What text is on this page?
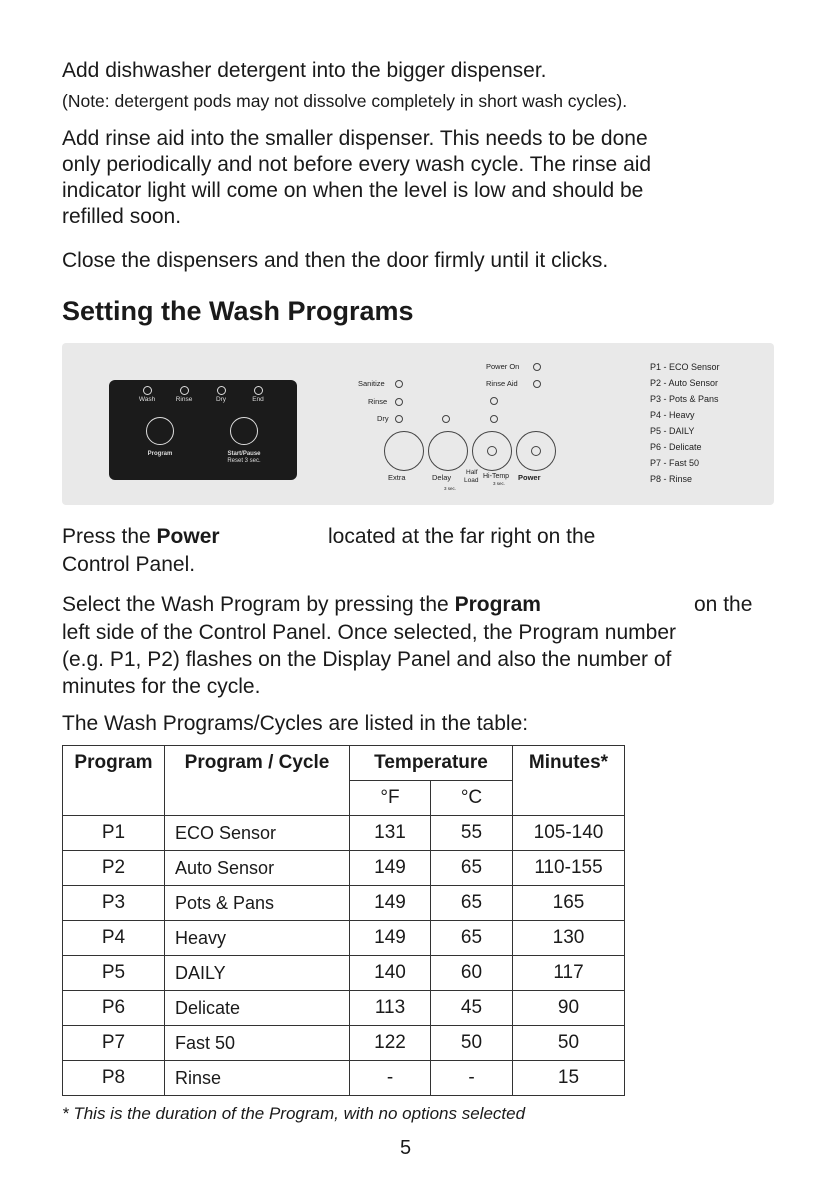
Add dishwasher detergent into the bigger dispenser.

(Note: detergent pods may not dissolve completely in short wash cycles).

Add rinse aid into the smaller dispenser. This needs to be done

only periodically and not before every wash cycle. The rinse aid

indicator light will come on when the level is low and should be

refilled soon.

Close the dispensers and then the door firmly until it clicks.

Setting the Wash Programs
Wash	Rinse	Dry	End
Program	Start/Pause
Reset 3 sec.
Sanitize
Rinse
Dry
Power On
Rinse Aid
Extra	Delay
Half
Load
Hi-Temp Power
3 sec.
3 sec.
P1 - ECO Sensor
P2 - Auto Sensor
P3 - Pots & Pans
P4 - Heavy
P5 - DAILY
P6 - Delicate
P7 - Fast 50
P8 - Rinse

Press the Power	located at the far right on the

Control Panel.

Select the Wash Program by pressing the Program	on the

left side of the Control Panel. Once selected, the Program number

(e.g. P1, P2) flashes on the Display Panel and also the number of

minutes for the cycle.

The Wash Programs/Cycles are listed in the table:

Program	Program / Cycle	Temperature		Minutes*
		°F	°C	
P1	ECO Sensor	131	55	105-140
P2	Auto Sensor	149	65	110-155
P3	Pots & Pans	149	65	165
P4	Heavy	149	65	130
P5	DAILY	140	60	117
P6	Delicate	113	45	90
P7	Fast 50	122	50	50
P8	Rinse	-	-	15
* This is the duration of the Program, with no options selected
5
